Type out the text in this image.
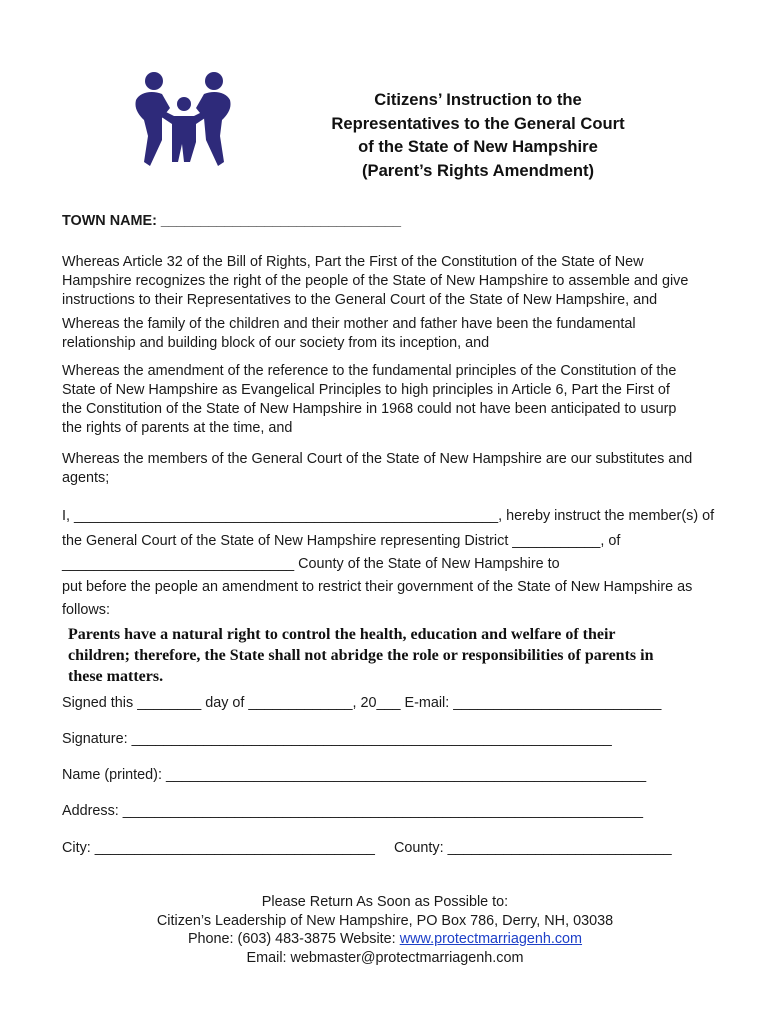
Citizens’ Instruction to the
Representatives to the General Court
of the State of New Hampshire
(Parent’s Rights Amendment)
TOWN NAME: ______________________________
Whereas Article 32 of the Bill of Rights, Part the First of the Constitution of the State of New
Hampshire recognizes the right of the people of the State of New Hampshire to assemble and give
instructions to their Representatives to the General Court of the State of New Hampshire, and
Whereas the family of the children and their mother and father have been the fundamental
relationship and building block of our society from its inception, and
Whereas the amendment of the reference to the fundamental principles of the Constitution of the
State of New Hampshire as Evangelical Principles to high principles in Article 6, Part the First of
the Constitution of the State of New Hampshire in 1968 could not have been anticipated to usurp
the rights of parents at the time, and
Whereas the members of the General Court of the State of New Hampshire are our substitutes and
agents;
I, _____________________________________________________, hereby instruct the member(s) of
the General Court of the State of New Hampshire representing District ___________, of
_____________________________ County of the State of New Hampshire to
put before the people an amendment to restrict their government of the State of New Hampshire as
follows:
Parents have a natural right to control the health, education and welfare of their
children; therefore, the State shall not abridge the role or responsibilities of parents in
these matters.
Signed this ________ day of _____________, 20___ E-mail: __________________________
Signature: ____________________________________________________________
Name (printed): ____________________________________________________________
Address: _________________________________________________________________
City: ___________________________________ County: ____________________________
Please Return As Soon as Possible to:
Citizen’s Leadership of New Hampshire, PO Box 786, Derry, NH, 03038
Phone: (603) 483-3875 Website: www.protectmarriagenh.com
Email: webmaster@protectmarriagenh.com
